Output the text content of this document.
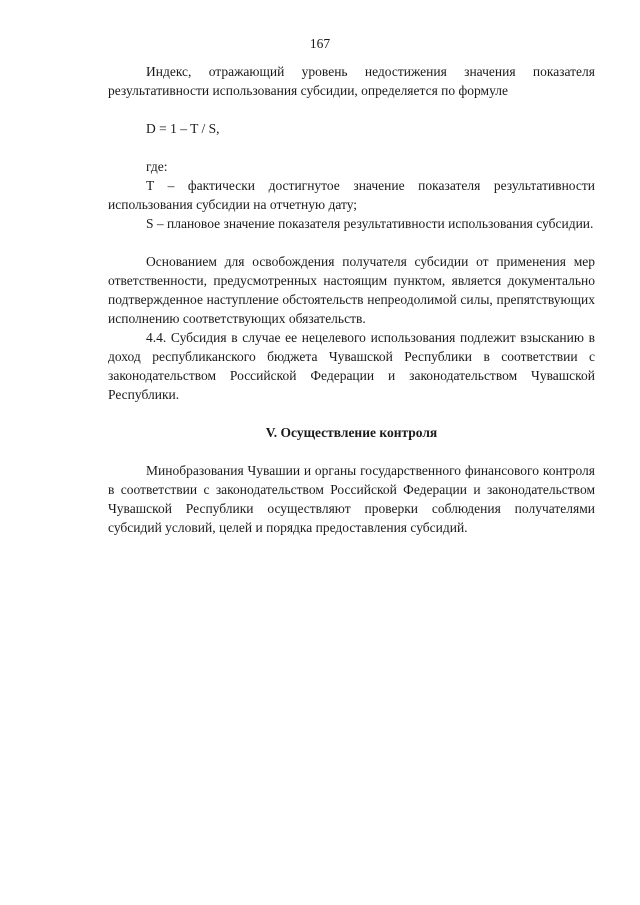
167

Индекс, отражающий уровень недостижения значения показателя результативности использования субсидии, определяется по формуле

D = 1 – T / S,

где:

T – фактически достигнутое значение показателя результативности использования субсидии на отчетную дату;

S – плановое значение показателя результативности использования субсидии.

Основанием для освобождения получателя субсидии от применения мер ответственности, предусмотренных настоящим пунктом, является документально подтвержденное наступление обстоятельств непреодолимой силы, препятствующих исполнению соответствующих обязательств.

4.4. Субсидия в случае ее нецелевого использования подлежит взысканию в доход республиканского бюджета Чувашской Республики в соответствии с законодательством Российской Федерации и законодательством Чувашской Республики.

V. Осуществление контроля

Минобразования Чувашии и органы государственного финансового контроля в соответствии с законодательством Российской Федерации и законодательством Чувашской Республики осуществляют проверки соблюдения получателями субсидий условий, целей и порядка предоставления субсидий.
